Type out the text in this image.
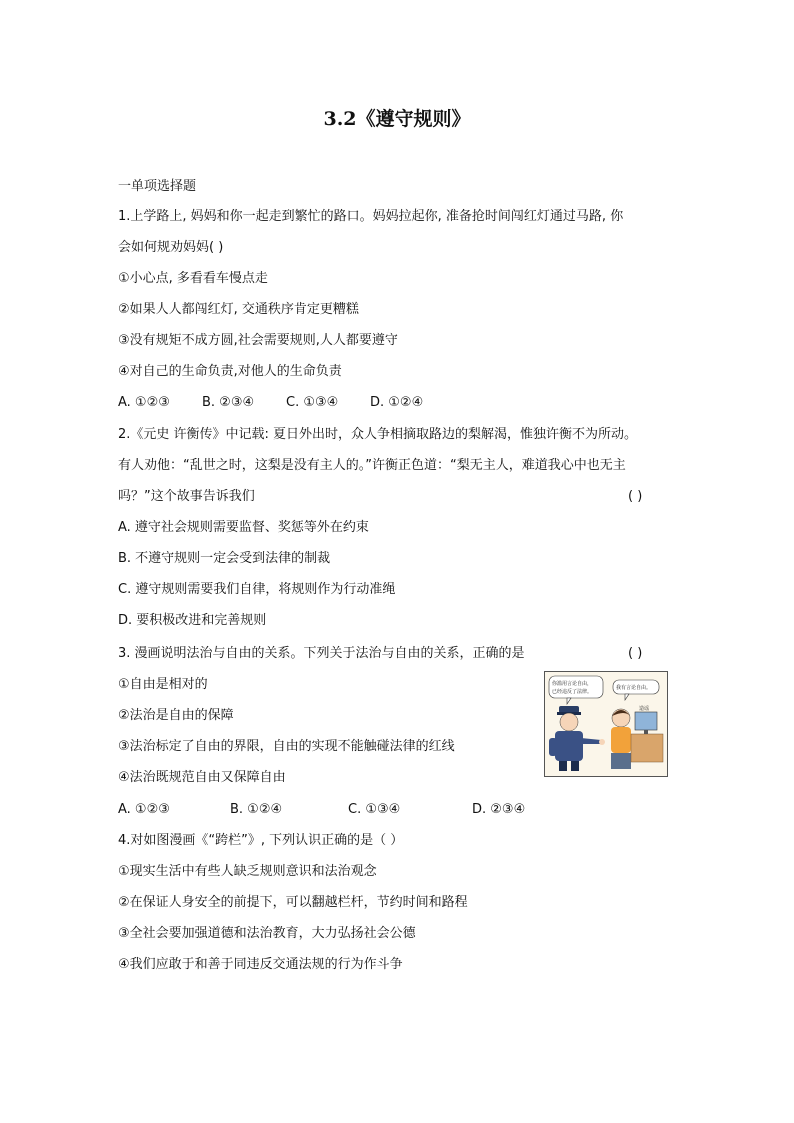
3.2《遵守规则》
一单项选择题
1.上学路上, 妈妈和你一起走到繁忙的路口。妈妈拉起你, 准备抢时间闯红灯通过马路, 你
会如何规劝妈妈( )
①小心点, 多看看车慢点走
②如果人人都闯红灯, 交通秩序肯定更糟糕
③没有规矩不成方圆,社会需要规则,人人都要遵守
④对自己的生命负责,对他人的生命负责
A. ①②③ B. ②③④ C. ①③④ D. ①②④
2.《元史 许衡传》中记载: 夏日外出时，众人争相摘取路边的梨解渴，惟独许衡不为所动。
有人劝他：“乱世之时，这梨是没有主人的。”许衡正色道：“梨无主人，难道我心中也无主
吗？”这个故事告诉我们	( )
A. 遵守社会规则需要监督、奖惩等外在约束
B. 不遵守规则一定会受到法律的制裁
C. 遵守规则需要我们自律，将规则作为行动准绳
D. 要积极改进和完善规则
3. 漫画说明法治与自由的关系。下列关于法治与自由的关系，正确的是	( )
①自由是相对的
②法治是自由的保障
③法治标定了自由的界限，自由的实现不能触碰法律的红线
④法治既规范自由又保障自由
A. ①②③	B. ①②④	C. ①③④	D. ②③④
你滥用言论自由，
已经违反了法律。
我有言论自由。
造谣
4.对如图漫画《“跨栏”》, 下列认识正确的是（ ）
①现实生活中有些人缺乏规则意识和法治观念
②在保证人身安全的前提下，可以翻越栏杆，节约时间和路程
③全社会要加强道德和法治教育，大力弘扬社会公德
④我们应敢于和善于同违反交通法规的行为作斗争
